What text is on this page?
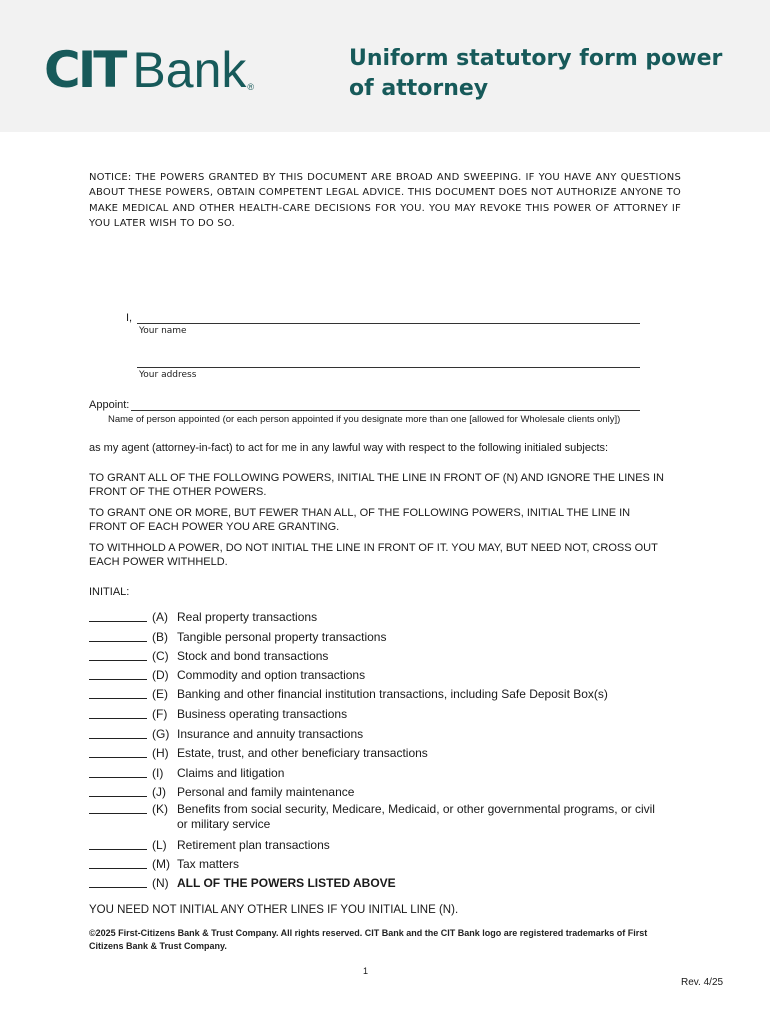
CIT Bank ®
Uniform statutory form power of attorney
NOTICE: THE POWERS GRANTED BY THIS DOCUMENT ARE BROAD AND SWEEPING. IF YOU HAVE ANY QUESTIONS ABOUT THESE POWERS, OBTAIN COMPETENT LEGAL ADVICE. THIS DOCUMENT DOES NOT AUTHORIZE ANYONE TO MAKE MEDICAL AND OTHER HEALTH-CARE DECISIONS FOR YOU. YOU MAY REVOKE THIS POWER OF ATTORNEY IF YOU LATER WISH TO DO SO.
I,
Your name
Your address
Appoint:
Name of person appointed (or each person appointed if you designate more than one [allowed for Wholesale clients only])
as my agent (attorney-in-fact) to act for me in any lawful way with respect to the following initialed subjects:
TO GRANT ALL OF THE FOLLOWING POWERS, INITIAL THE LINE IN FRONT OF (N) AND IGNORE THE LINES IN FRONT OF THE OTHER POWERS.
TO GRANT ONE OR MORE, BUT FEWER THAN ALL, OF THE FOLLOWING POWERS, INITIAL THE LINE IN FRONT OF EACH POWER YOU ARE GRANTING.
TO WITHHOLD A POWER, DO NOT INITIAL THE LINE IN FRONT OF IT. YOU MAY, BUT NEED NOT, CROSS OUT EACH POWER WITHHELD.
INITIAL:
(A) Real property transactions
(B) Tangible personal property transactions
(C) Stock and bond transactions
(D) Commodity and option transactions
(E) Banking and other financial institution transactions, including Safe Deposit Box(s)
(F) Business operating transactions
(G) Insurance and annuity transactions
(H) Estate, trust, and other beneficiary transactions
(I) Claims and litigation
(J) Personal and family maintenance
(K) Benefits from social security, Medicare, Medicaid, or other governmental programs, or civil or military service
(L) Retirement plan transactions
(M) Tax matters
(N) ALL OF THE POWERS LISTED ABOVE
YOU NEED NOT INITIAL ANY OTHER LINES IF YOU INITIAL LINE (N).
©2025 First-Citizens Bank & Trust Company. All rights reserved. CIT Bank and the CIT Bank logo are registered trademarks of First Citizens Bank & Trust Company.
1
Rev. 4/25
